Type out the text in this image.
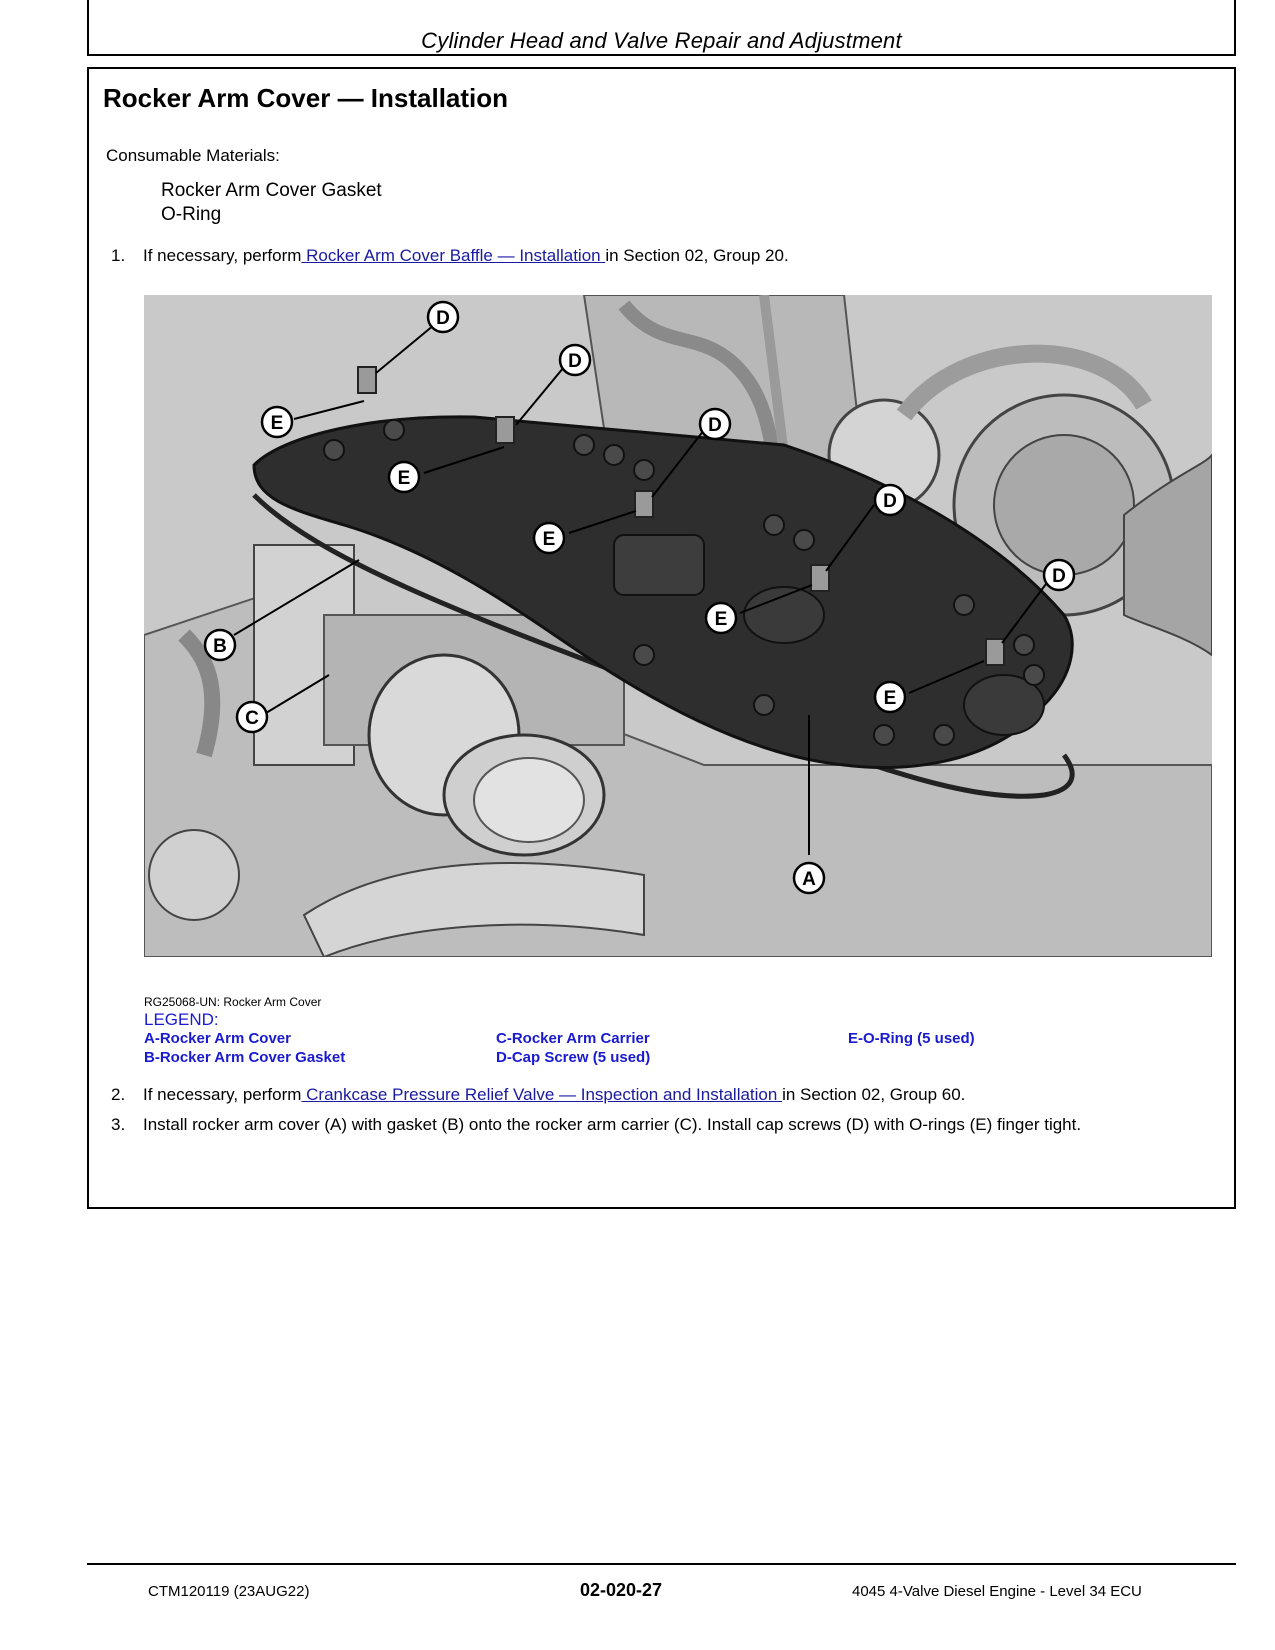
Cylinder Head and Valve Repair and Adjustment
Rocker Arm Cover — Installation
Consumable Materials:
Rocker Arm Cover Gasket
O-Ring
1. If necessary, perform Rocker Arm Cover Baffle — Installation in Section 02, Group 20.
D
D
D
D
D
E
E
E
E
E
B
C
A
RG25068-UN: Rocker Arm Cover
LEGEND:
A-Rocker Arm Cover
B-Rocker Arm Cover Gasket
C-Rocker Arm Carrier
D-Cap Screw (5 used)
E-O-Ring (5 used)
2. If necessary, perform Crankcase Pressure Relief Valve — Inspection and Installation in Section 02, Group 60.
3. Install rocker arm cover (A) with gasket (B) onto the rocker arm carrier (C). Install cap screws (D) with O-rings (E) finger tight.
CTM120119 (23AUG22)	02-020-27	4045 4-Valve Diesel Engine - Level 34 ECU
